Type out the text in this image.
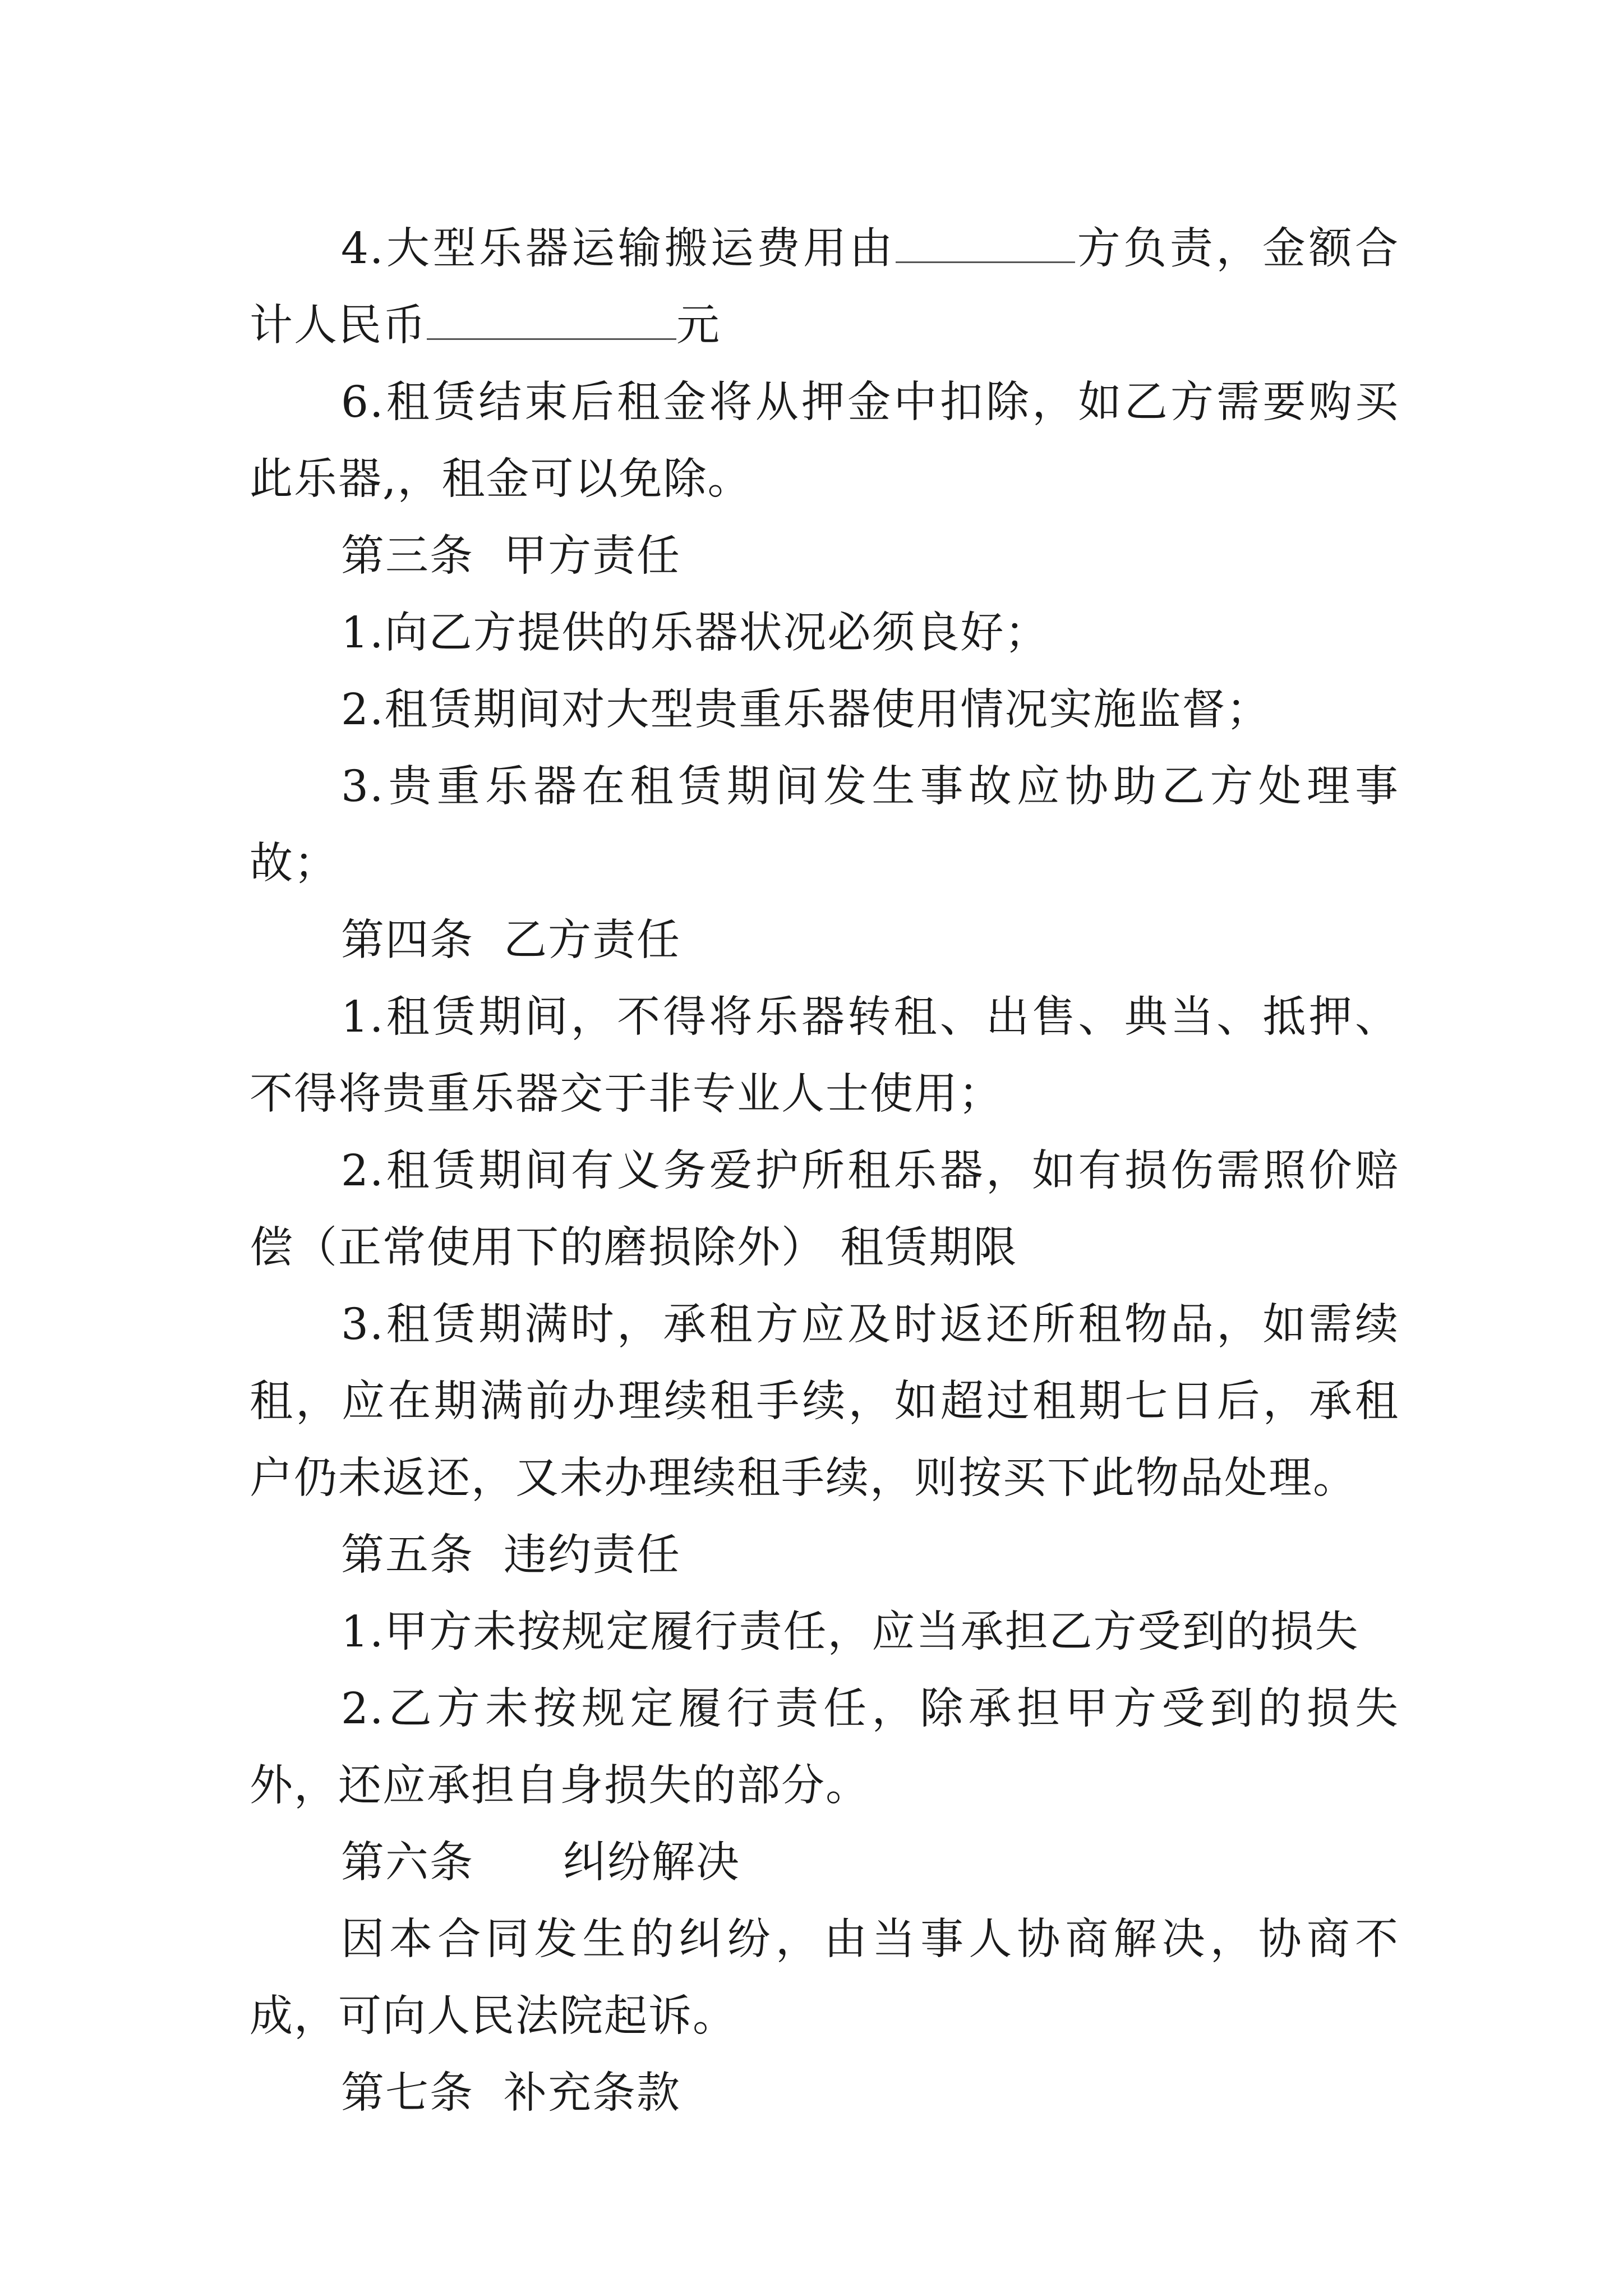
4.大型乐器运输搬运费用由	方负责，金额合计人民币	元

6.租赁结束后租金将从押金中扣除，如乙方需要购买此乐器,，租金可以免除。

第三条  甲方责任

1.向乙方提供的乐器状况必须良好；

2.租赁期间对大型贵重乐器使用情况实施监督；

3.贵重乐器在租赁期间发生事故应协助乙方处理事故；

第四条  乙方责任

1.租赁期间，不得将乐器转租、出售、典当、抵押、不得将贵重乐器交于非专业人士使用；

2.租赁期间有义务爱护所租乐器，如有损伤需照价赔偿（正常使用下的磨损除外） 租赁期限

3.租赁期满时，承租方应及时返还所租物品，如需续租，应在期满前办理续租手续，如超过租期七日后，承租户仍未返还，又未办理续租手续，则按买下此物品处理。

第五条  违约责任

1.甲方未按规定履行责任，应当承担乙方受到的损失

2.乙方未按规定履行责任，除承担甲方受到的损失外，还应承担自身损失的部分。

第六条      纠纷解决

因本合同发生的纠纷，由当事人协商解决，协商不成，可向人民法院起诉。

第七条  补充条款
